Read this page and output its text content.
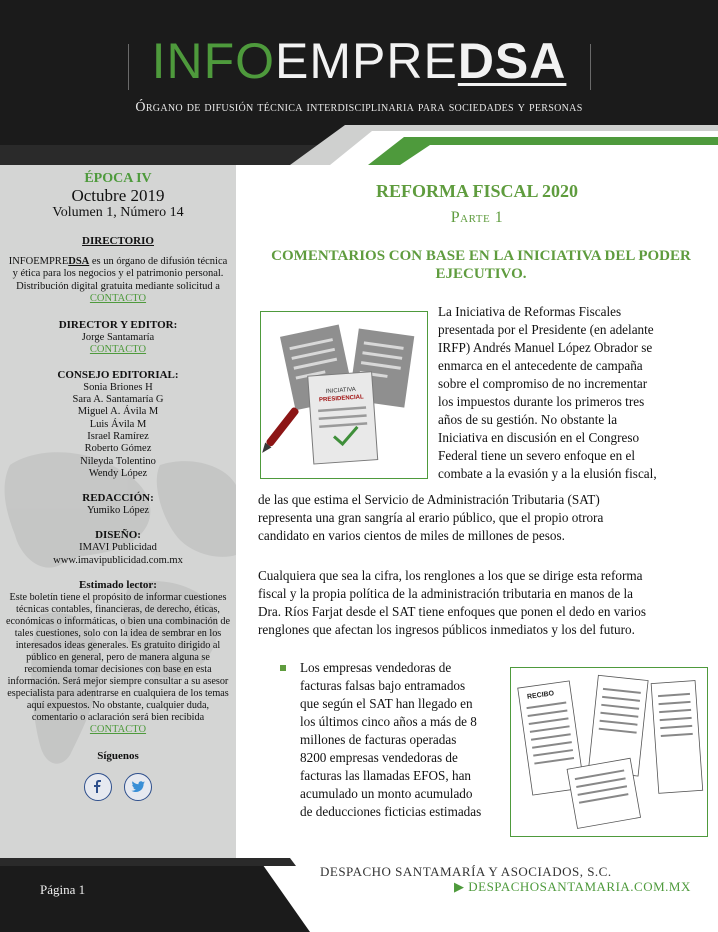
INFOEMPREDSA
Órgano de difusión técnica interdisciplinaria para sociedades y personas
ÉPOCA IV
Octubre 2019
Volumen 1, Número 14
DIRECTORIO
INFOEMPREDSA es un órgano de difusión técnica y ética para los negocios y el patrimonio personal. Distribución digital gratuita mediante solicitud a
CONTACTO
DIRECTOR Y EDITOR:
Jorge Santamaría
CONTACTO
CONSEJO EDITORIAL:
Sonia Briones H
Sara A. Santamaría G
Miguel A. Ávila M
Luis Ávila M
Israel Ramírez
Roberto Gómez
Nileyda Tolentino
Wendy López
REDACCIÓN:
Yumiko López
DISEÑO:
IMAVI Publicidad
www.imavipublicidad.com.mx
Estimado lector:
Este boletín tiene el propósito de informar cuestiones técnicas contables, financieras, de derecho, éticas, económicas o informáticas, o bien una combinación de tales cuestiones, solo con la idea de sembrar en los interesados ideas generales. Es gratuito dirigido al público en general, pero de manera alguna se recomienda tomar decisiones con base en esta información. Será mejor siempre consultar a su asesor especialista para adentrarse en cualquiera de los temas aquí expuestos. No obstante, cualquier duda, comentario o aclaración será bien recibida CONTACTO
Síguenos
REFORMA FISCAL 2020
Parte 1
COMENTARIOS CON BASE EN LA INICIATIVA DEL PODER EJECUTIVO.
INICIATIVA
PRESIDENCIAL
La Iniciativa de Reformas Fiscales
presentada por el Presidente (en adelante
IRFP) Andrés Manuel López Obrador se
enmarca en el antecedente de campaña
sobre el compromiso de no incrementar
los impuestos durante los primeros tres
años de su gestión. No obstante la
Iniciativa en discusión en el Congreso
Federal tiene un severo enfoque en el
combate a la evasión y a la elusión fiscal,
de las que estima el Servicio de Administración Tributaria (SAT)
representa una gran sangría al erario público, que el propio otrora
candidato en varios cientos de miles de millones de pesos.
Cualquiera que sea la cifra, los renglones a los que se dirige esta reforma
fiscal y la propia política de la administración tributaria en manos de la
Dra. Ríos Farjat desde el SAT tiene enfoques que ponen el dedo en varios
renglones que afectan los ingresos públicos inmediatos y los del futuro.
Los empresas vendedoras de
facturas falsas bajo entramados
que según el SAT han llegado en
los últimos cinco años a más de 8
millones de facturas operadas
8200 empresas vendedoras de
facturas las llamadas EFOS, han
acumulado un monto acumulado
de deducciones ficticias estimadas
RECIBO
Página 1
DESPACHO SANTAMARÍA Y ASOCIADOS, S.C.
▶ DESPACHOSANTAMARIA.COM.MX
